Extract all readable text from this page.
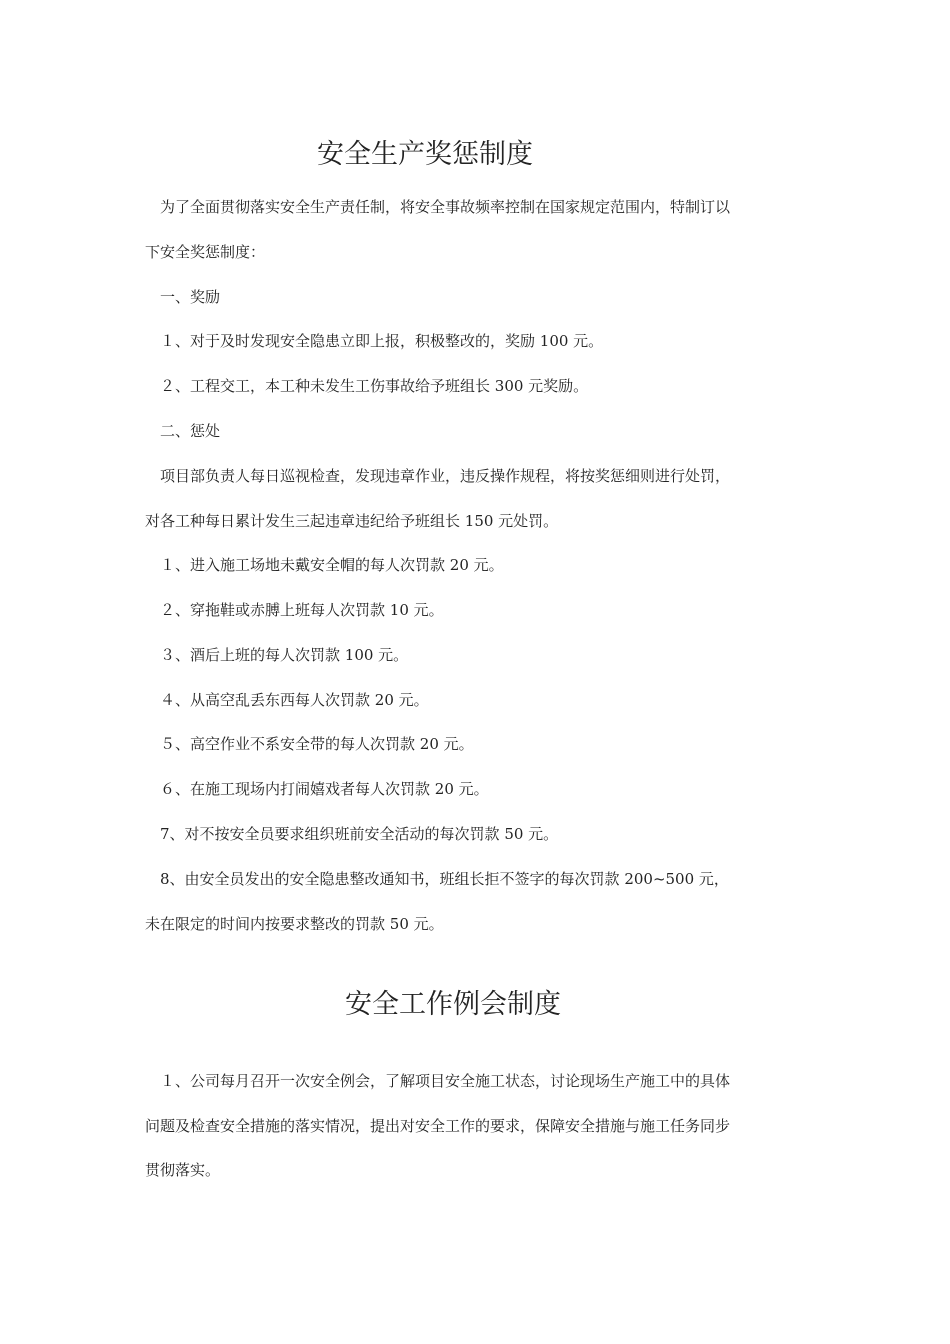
安全生产奖惩制度

　为了全面贯彻落实安全生产责任制，将安全事故频率控制在国家规定范围内，特制订以

下安全奖惩制度：

　一、奖励

　１、对于及时发现安全隐患立即上报，积极整改的，奖励 100 元。

　２、工程交工，本工种未发生工伤事故给予班组长 300 元奖励。

　二、惩处

　项目部负责人每日巡视检查，发现违章作业，违反操作规程，将按奖惩细则进行处罚，

对各工种每日累计发生三起违章违纪给予班组长 150 元处罚。

　１、进入施工场地未戴安全帽的每人次罚款 20 元。

　２、穿拖鞋或赤膊上班每人次罚款 10 元。

　３、酒后上班的每人次罚款 100 元。

　４、从高空乱丢东西每人次罚款 20 元。

　５、高空作业不系安全带的每人次罚款 20 元。

　６、在施工现场内打闹嬉戏者每人次罚款 20 元。

　7、对不按安全员要求组织班前安全活动的每次罚款 50 元。

　8、由安全员发出的安全隐患整改通知书，班组长拒不签字的每次罚款 200~500 元，

未在限定的时间内按要求整改的罚款 50 元。

安全工作例会制度

　１、公司每月召开一次安全例会，了解项目安全施工状态，讨论现场生产施工中的具体

问题及检查安全措施的落实情况，提出对安全工作的要求，保障安全措施与施工任务同步

贯彻落实。
